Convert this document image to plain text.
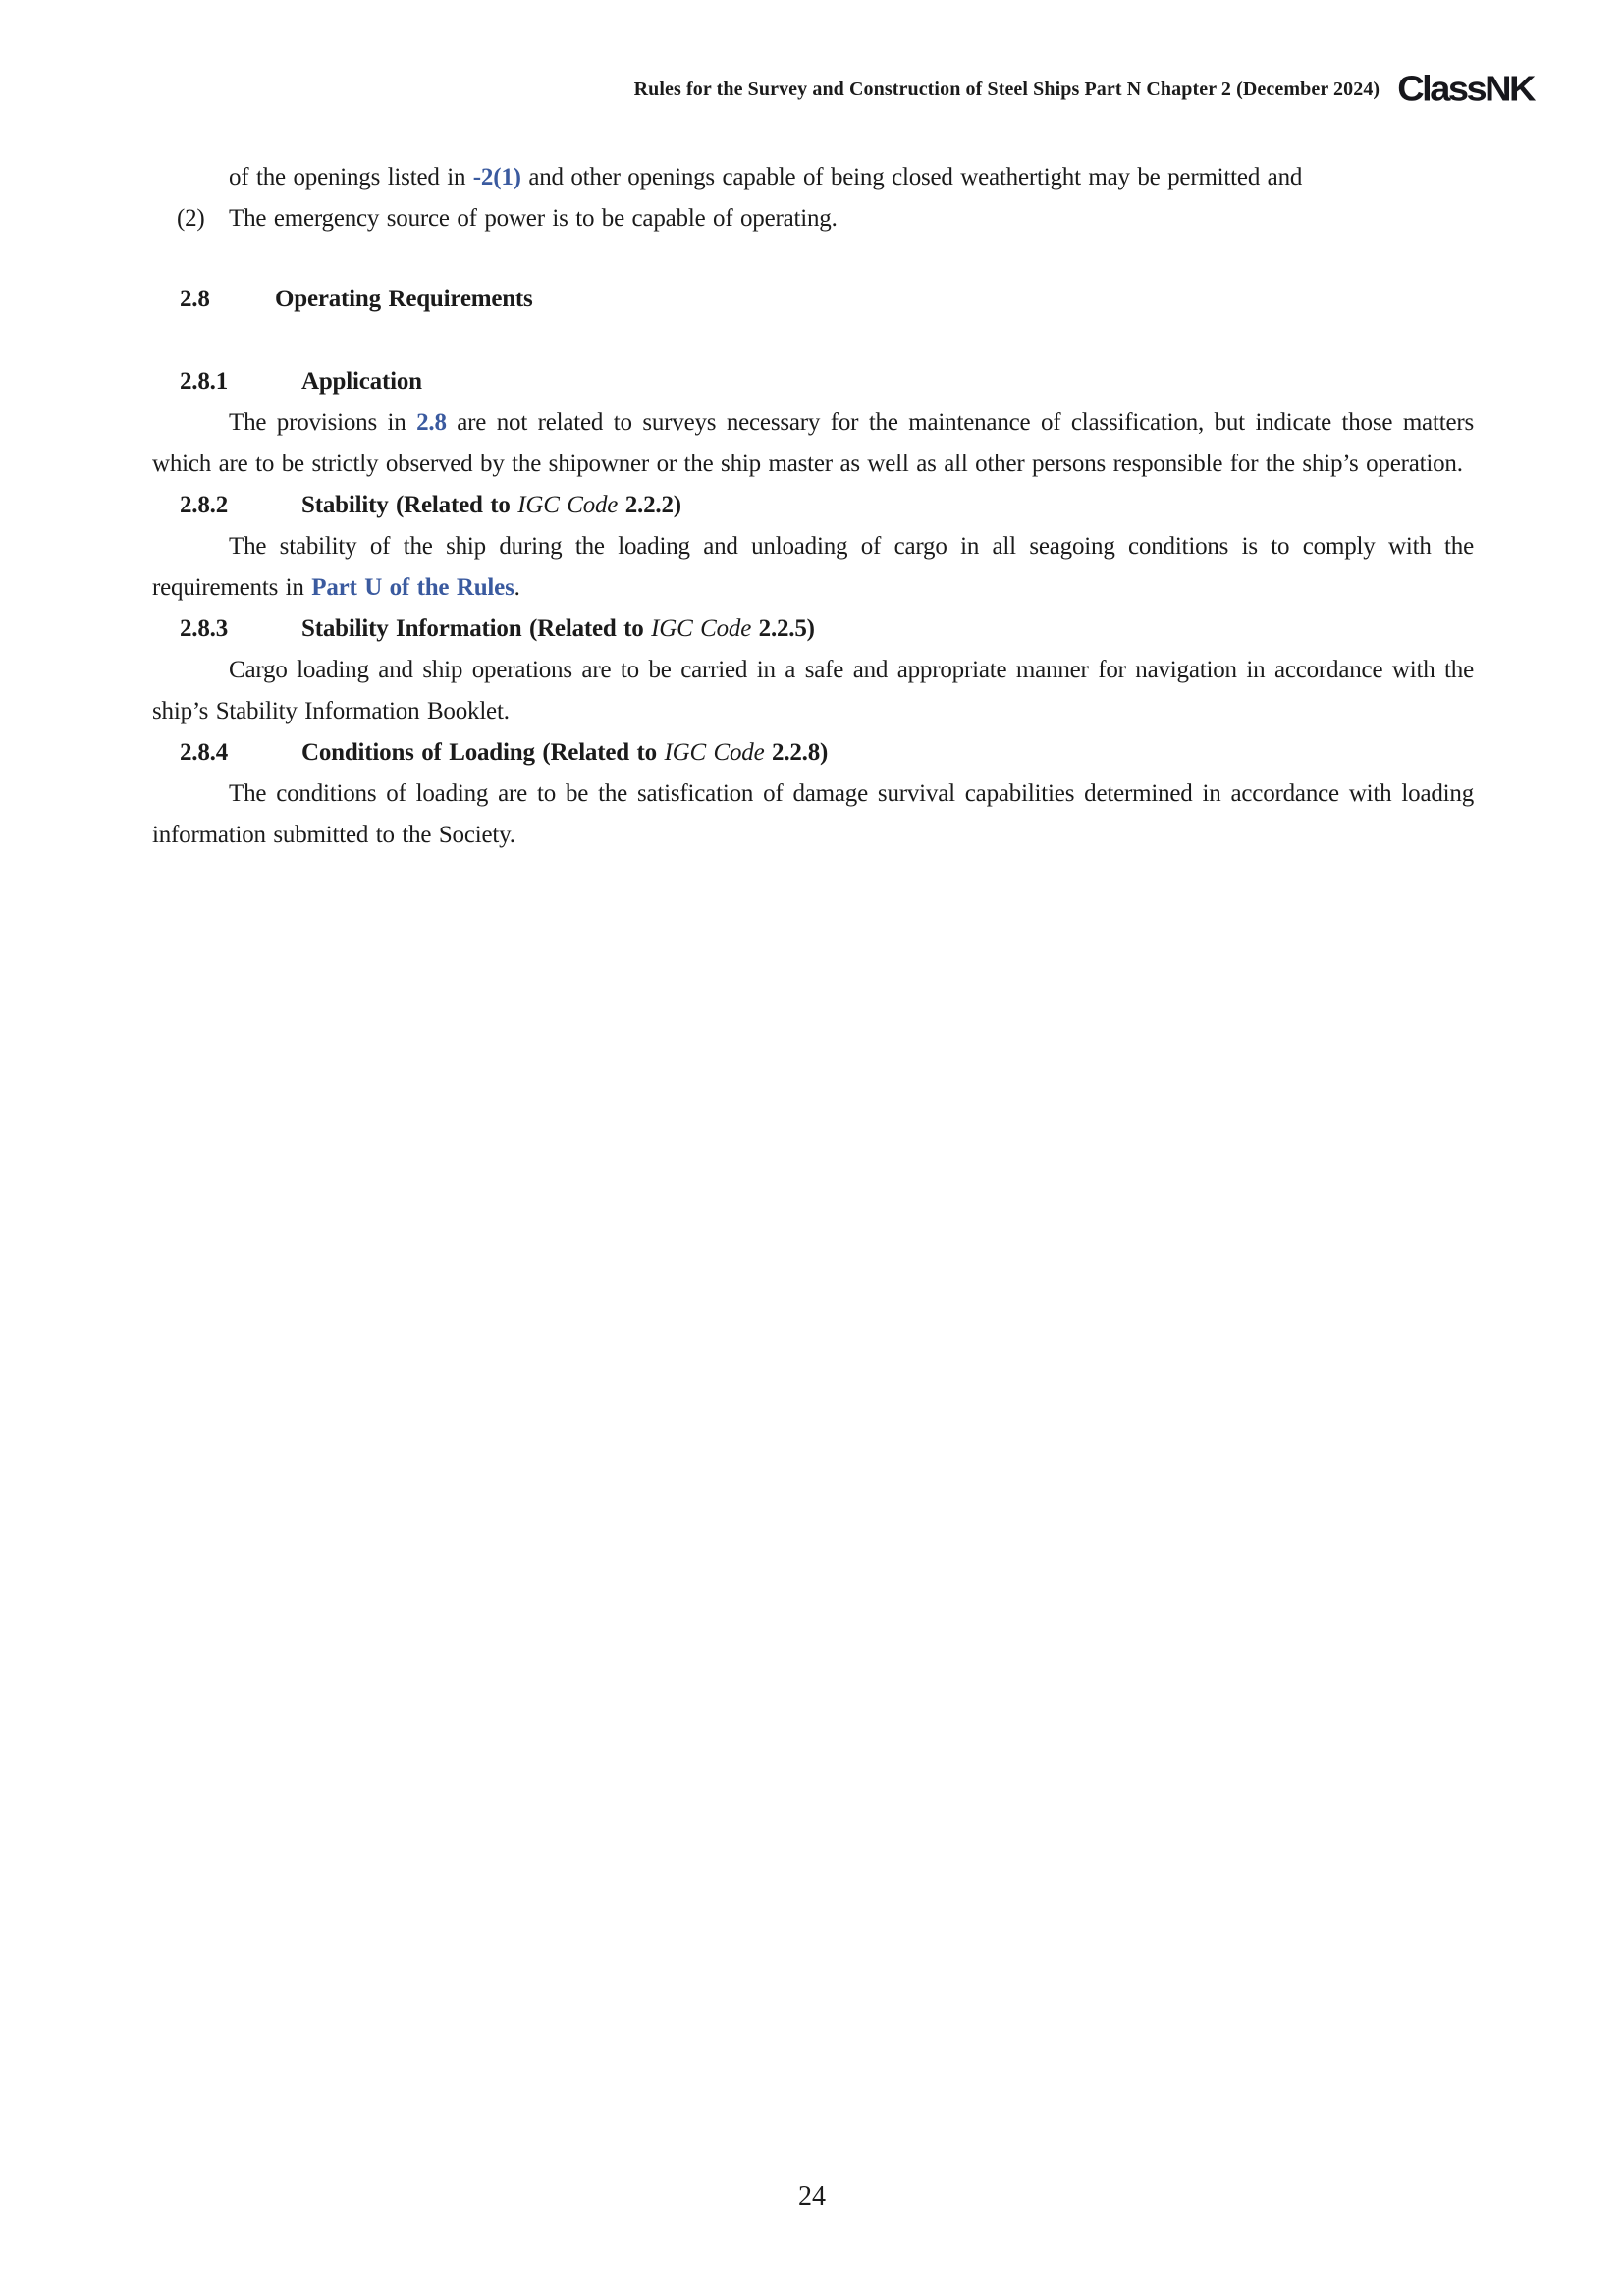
Rules for the Survey and Construction of Steel Ships Part N Chapter 2 (December 2024) ClassNK
of the openings listed in -2(1) and other openings capable of being closed weathertight may be permitted and
(2) The emergency source of power is to be capable of operating.
2.8	Operating Requirements
2.8.1	Application

The provisions in 2.8 are not related to surveys necessary for the maintenance of classification, but indicate those matters which are to be strictly observed by the shipowner or the ship master as well as all other persons responsible for the ship’s operation.

2.8.2	Stability (Related to IGC Code 2.2.2)

The stability of the ship during the loading and unloading of cargo in all seagoing conditions is to comply with the requirements in Part U of the Rules.

2.8.3	Stability Information (Related to IGC Code 2.2.5)

Cargo loading and ship operations are to be carried in a safe and appropriate manner for navigation in accordance with the ship’s Stability Information Booklet.

2.8.4	Conditions of Loading (Related to IGC Code 2.2.8)

The conditions of loading are to be the satisfication of damage survival capabilities determined in accordance with loading information submitted to the Society.

24
